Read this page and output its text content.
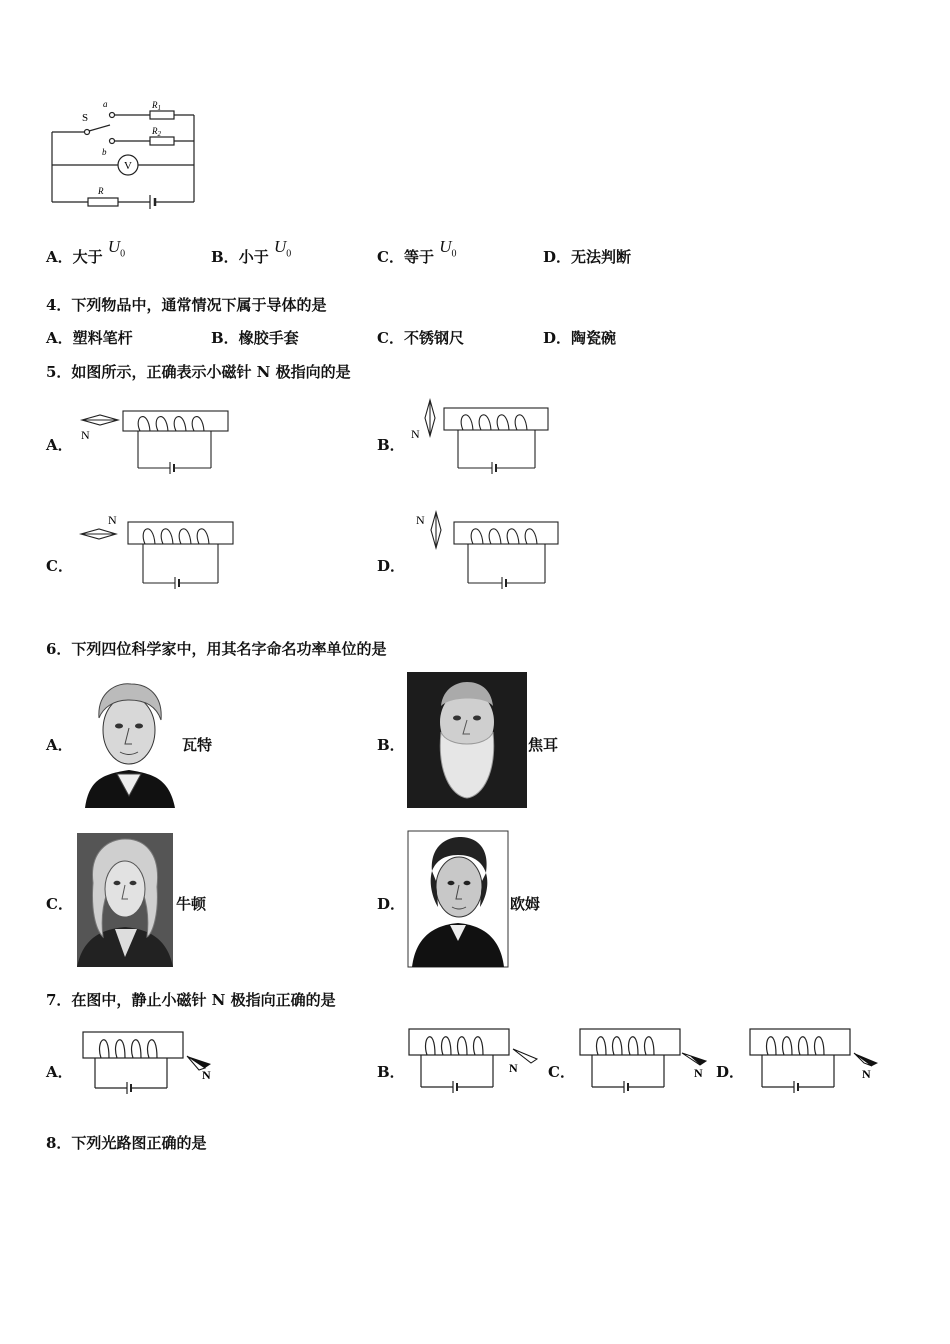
S
a
b
$R_1$
$R_2$
V
R
A．大于 $U_0$	B．小于 $U_0$	C．等于 $U_0$	D．无法判断
4．下列物品中，通常情况下属于导体的是
A．塑料笔杆	B．橡胶手套	C．不锈钢尺	D．陶瓷碗
5．如图所示，正确表示小磁针 N 极指向的是
A．
N
B．
N
C．
N
D．
N
6．下列四位科学家中，用其名字命名功率单位的是
A．	瓦特	B．	焦耳
C．	牛顿	D．	欧姆
7．在图中，静止小磁针 N 极指向正确的是
A．	N	B．	N C．	N D．	N
8．下列光路图正确的是
